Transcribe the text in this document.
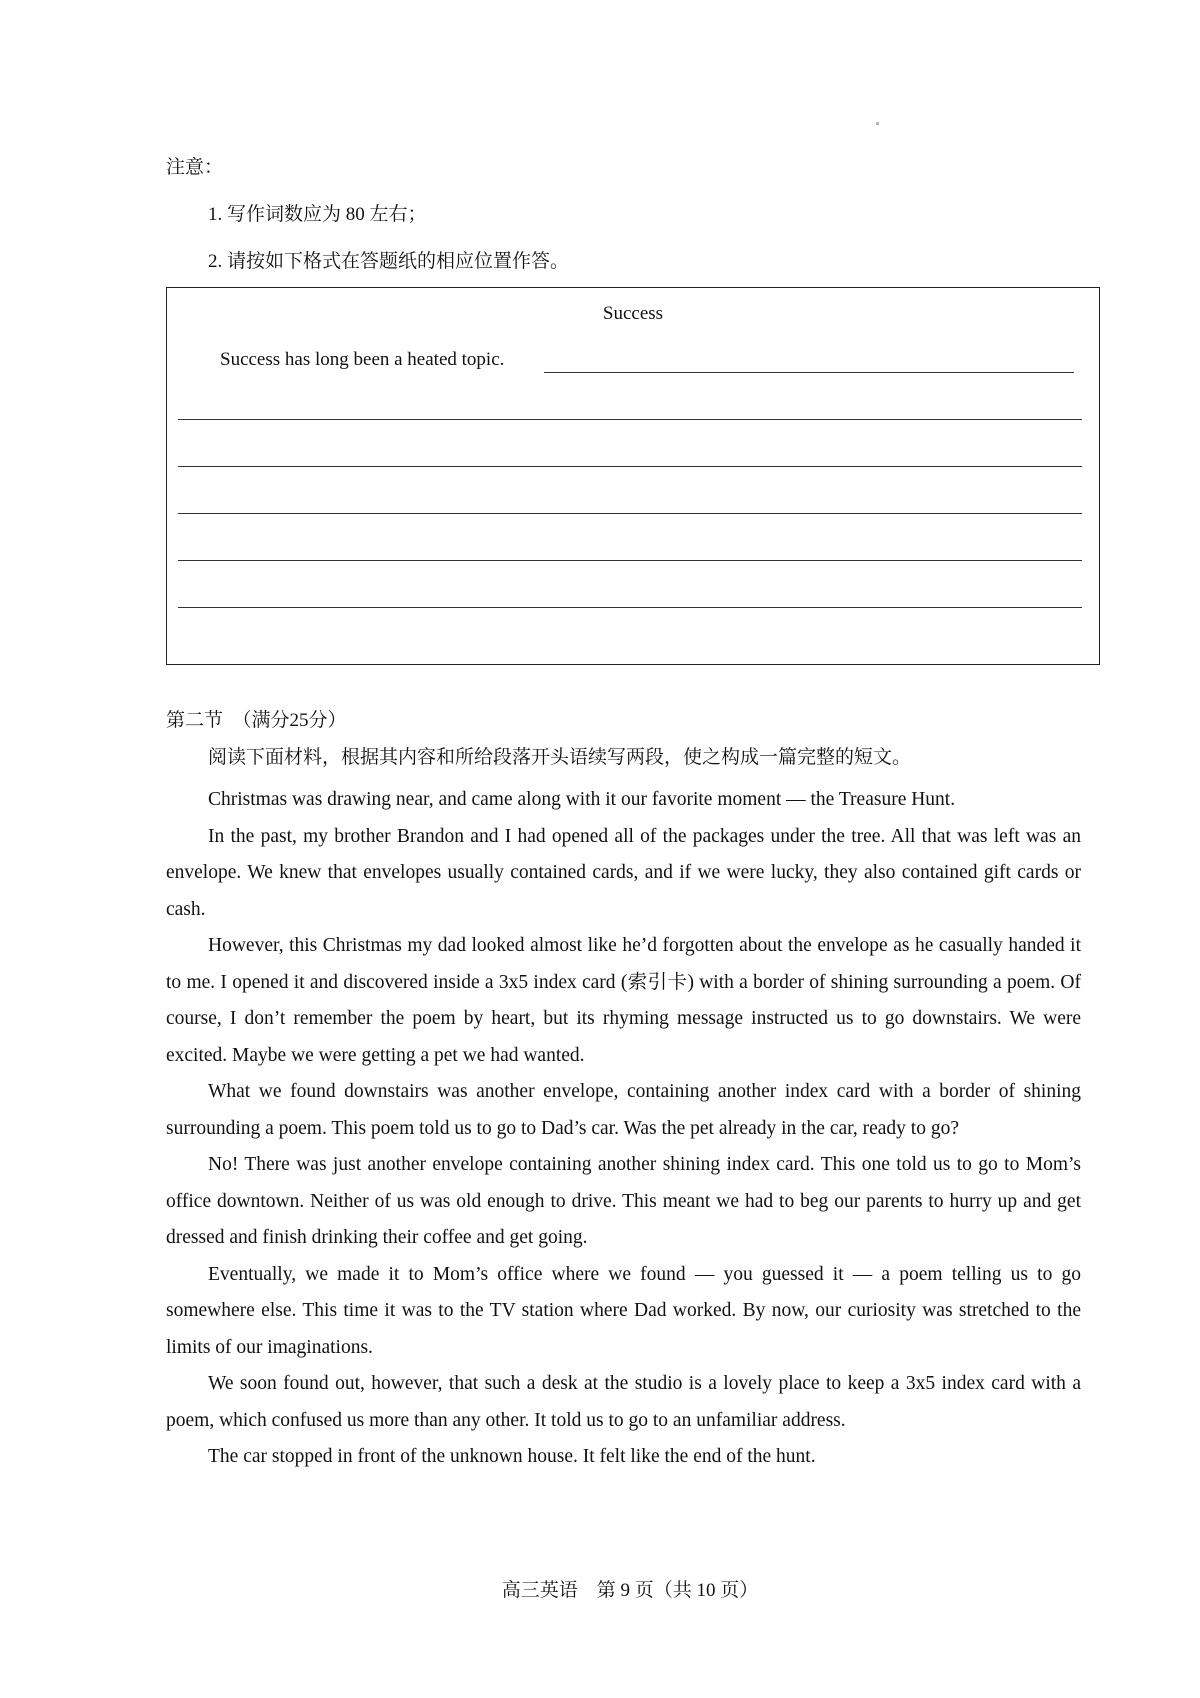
注意：
1. 写作词数应为 80 左右；
2. 请按如下格式在答题纸的相应位置作答。
Success
Success has long been a heated topic.
第二节　（满分25分）
阅读下面材料，根据其内容和所给段落开头语续写两段，使之构成一篇完整的短文。

Christmas was drawing near, and came along with it our favorite moment — the Treasure Hunt.

In the past, my brother Brandon and I had opened all of the packages under the tree. All that was left was an envelope. We knew that envelopes usually contained cards, and if we were lucky, they also contained gift cards or cash.

However, this Christmas my dad looked almost like he’d forgotten about the envelope as he casually handed it to me. I opened it and discovered inside a 3x5 index card (索引卡) with a border of shining surrounding a poem. Of course, I don’t remember the poem by heart, but its rhyming message instructed us to go downstairs. We were excited. Maybe we were getting a pet we had wanted.

What we found downstairs was another envelope, containing another index card with a border of shining surrounding a poem. This poem told us to go to Dad’s car. Was the pet already in the car, ready to go?

No! There was just another envelope containing another shining index card. This one told us to go to Mom’s office downtown. Neither of us was old enough to drive. This meant we had to beg our parents to hurry up and get dressed and finish drinking their coffee and get going.

Eventually, we made it to Mom’s office where we found — you guessed it — a poem telling us to go somewhere else. This time it was to the TV station where Dad worked. By now, our curiosity was stretched to the limits of our imaginations.

We soon found out, however, that such a desk at the studio is a lovely place to keep a 3x5 index card with a poem, which confused us more than any other. It told us to go to an unfamiliar address.

The car stopped in front of the unknown house. It felt like the end of the hunt.

高三英语　第 9 页（共 10 页）
